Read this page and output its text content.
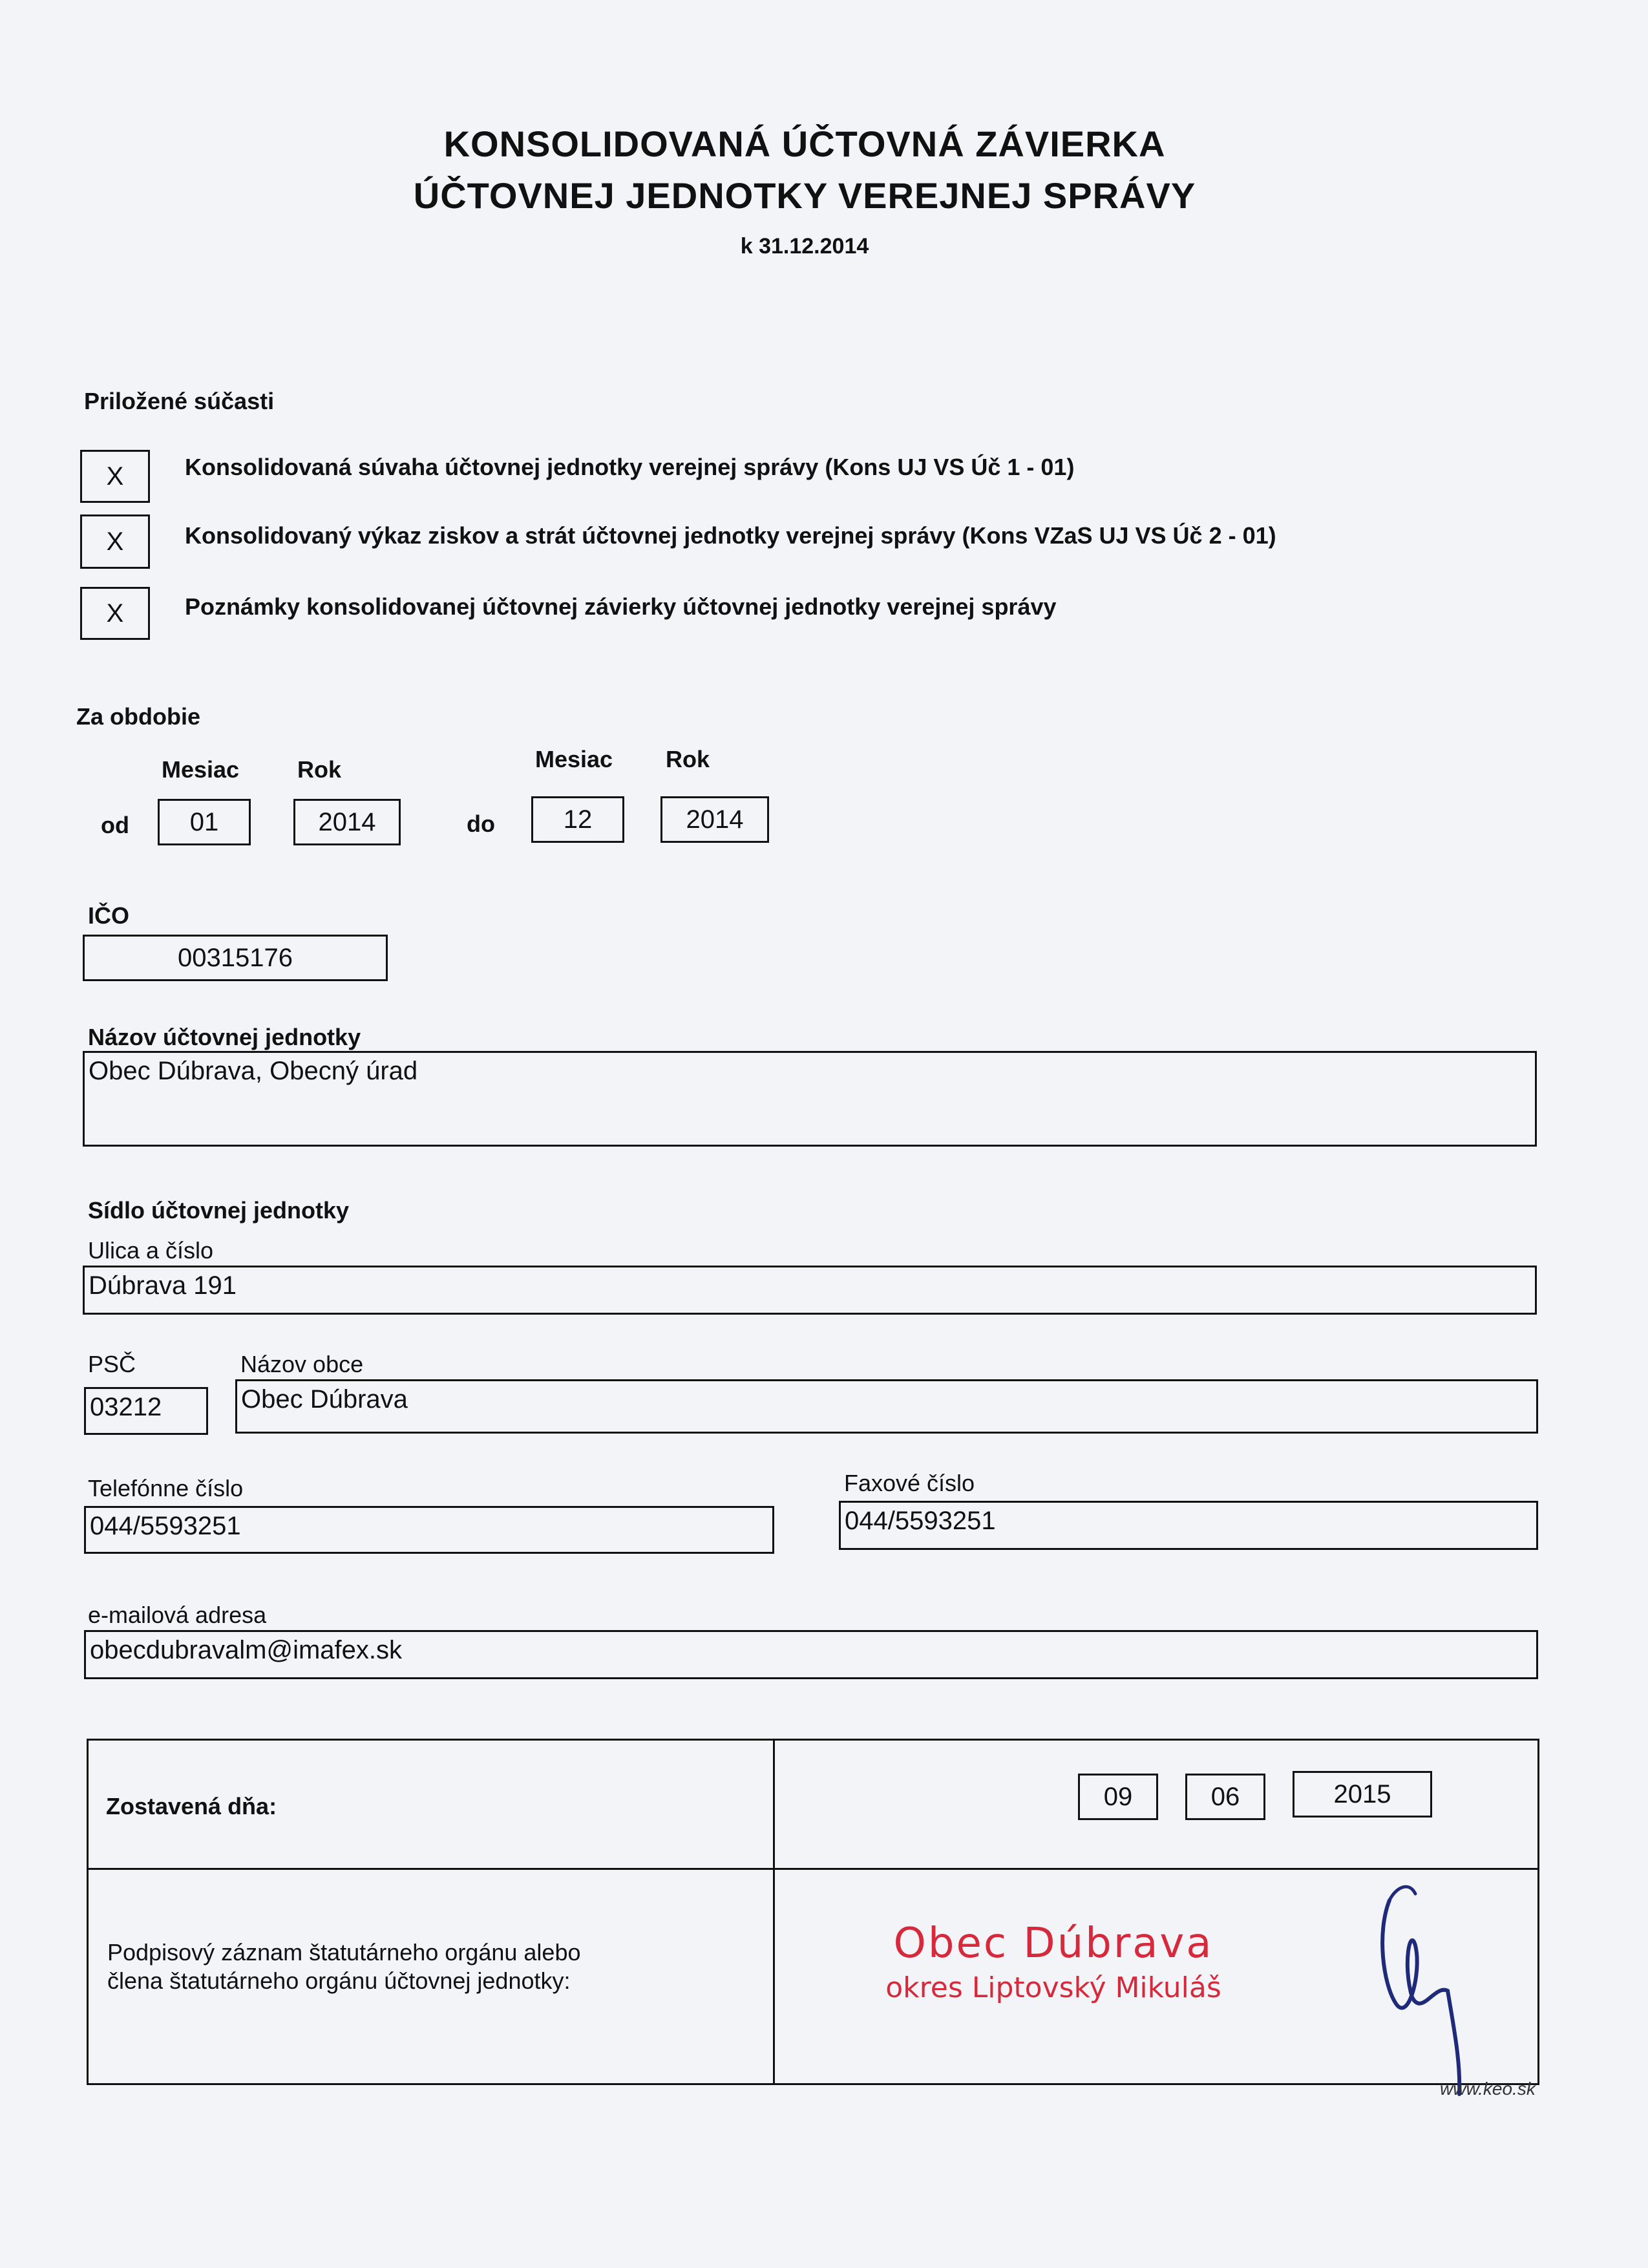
KONSOLIDOVANÁ ÚČTOVNÁ ZÁVIERKA
ÚČTOVNEJ JEDNOTKY VEREJNEJ SPRÁVY
k 31.12.2014
Priložené súčasti
X	Konsolidovaná súvaha účtovnej jednotky verejnej správy (Kons UJ VS Úč 1 - 01)
X	Konsolidovaný výkaz ziskov a strát účtovnej jednotky verejnej správy (Kons VZaS UJ VS Úč 2 - 01)
X	Poznámky konsolidovanej účtovnej závierky účtovnej jednotky verejnej správy
Za obdobie
Mesiac Rok	Mesiac Rok
od 01	2014	do	12	2014
IČO
00315176
Názov účtovnej jednotky
Obec Dúbrava, Obecný úrad
Sídlo účtovnej jednotky
Ulica a číslo
Dúbrava 191
PSČ	Názov obce
03212	Obec Dúbrava
Telefónne číslo	Faxové číslo
044/5593251	044/5593251
e-mailová adresa
obecdubravalm@imafex.sk
Zostavená dňa:	09	06	2015
Podpisový záznam štatutárneho orgánu alebo
člena štatutárneho orgánu účtovnej jednotky:
Obec Dúbrava
okres Liptovský Mikuláš
www.keo.sk
